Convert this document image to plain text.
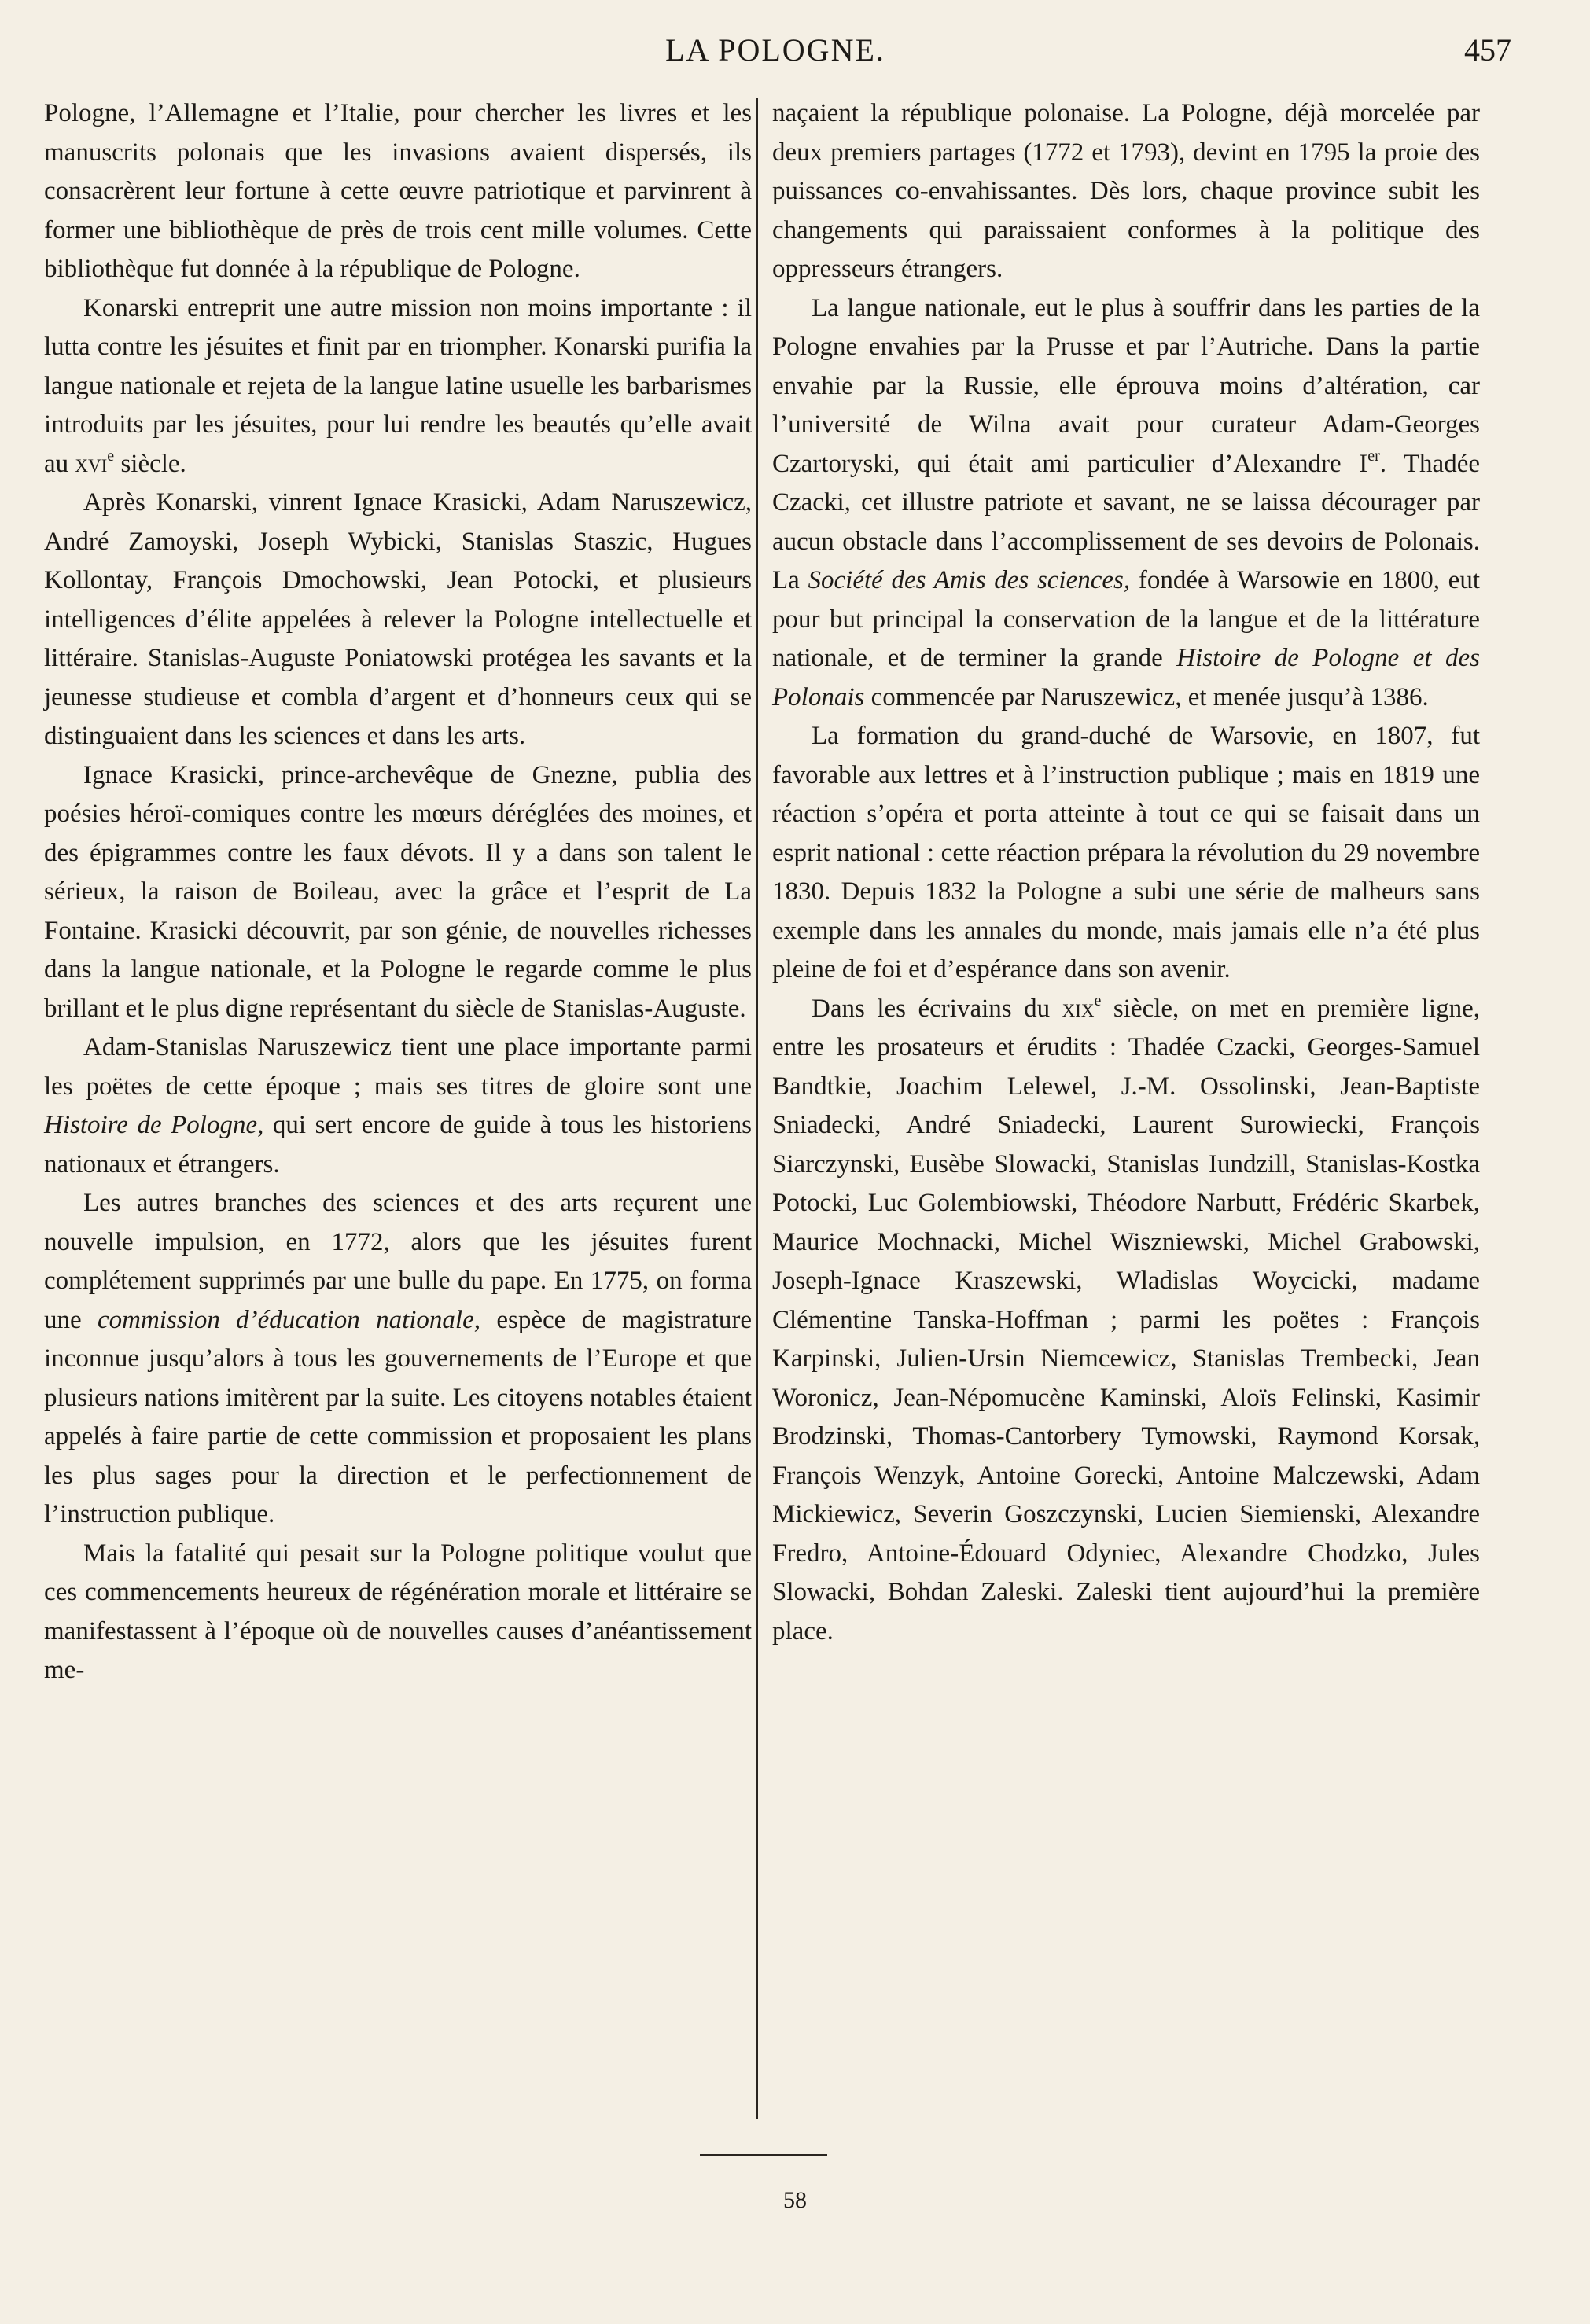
LA POLOGNE.	457

Pologne, l’Allemagne et l’Italie, pour chercher les livres et les manuscrits polonais que les invasions avaient dispersés, ils consacrèrent leur fortune à cette œuvre patriotique et parvinrent à former une bibliothèque de près de trois cent mille volumes. Cette bibliothèque fut donnée à la république de Pologne.

Konarski entreprit une autre mission non moins importante : il lutta contre les jésuites et finit par en triompher. Konarski purifia la langue nationale et rejeta de la langue latine usuelle les barbarismes introduits par les jésuites, pour lui rendre les beautés qu’elle avait au xvi$^e$ siècle.

Après Konarski, vinrent Ignace Krasicki, Adam Naruszewicz, André Zamoyski, Joseph Wybicki, Stanislas Staszic, Hugues Kollontay, François Dmochowski, Jean Potocki, et plusieurs intelligences d’élite appelées à relever la Pologne intellectuelle et littéraire. Stanislas-Auguste Poniatowski protégea les savants et la jeunesse studieuse et combla d’argent et d’honneurs ceux qui se distinguaient dans les sciences et dans les arts.

Ignace Krasicki, prince-archevêque de Gnezne, publia des poésies héroï-comiques contre les mœurs déréglées des moines, et des épigrammes contre les faux dévots. Il y a dans son talent le sérieux, la raison de Boileau, avec la grâce et l’esprit de La Fontaine. Krasicki découvrit, par son génie, de nouvelles richesses dans la langue nationale, et la Pologne le regarde comme le plus brillant et le plus digne représentant du siècle de Stanislas-Auguste.

Adam-Stanislas Naruszewicz tient une place importante parmi les poëtes de cette époque ; mais ses titres de gloire sont une Histoire de Pologne, qui sert encore de guide à tous les historiens nationaux et étrangers.

Les autres branches des sciences et des arts reçurent une nouvelle impulsion, en 1772, alors que les jésuites furent complétement supprimés par une bulle du pape. En 1775, on forma une commission d’éducation nationale, espèce de magistrature inconnue jusqu’alors à tous les gouvernements de l’Europe et que plusieurs nations imitèrent par la suite. Les citoyens notables étaient appelés à faire partie de cette commission et proposaient les plans les plus sages pour la direction et le perfectionnement de l’instruction publique.

Mais la fatalité qui pesait sur la Pologne politique voulut que ces commencements heureux de régénération morale et littéraire se manifestassent à l’époque où de nouvelles causes d’anéantissement me-

naçaient la république polonaise. La Pologne, déjà morcelée par deux premiers partages (1772 et 1793), devint en 1795 la proie des puissances co-envahissantes. Dès lors, chaque province subit les changements qui paraissaient conformes à la politique des oppresseurs étrangers.

La langue nationale, eut le plus à souffrir dans les parties de la Pologne envahies par la Prusse et par l’Autriche. Dans la partie envahie par la Russie, elle éprouva moins d’altération, car l’université de Wilna avait pour curateur Adam-Georges Czartoryski, qui était ami particulier d’Alexandre Ier. Thadée Czacki, cet illustre patriote et savant, ne se laissa décourager par aucun obstacle dans l’accomplissement de ses devoirs de Polonais. La Société des Amis des sciences, fondée à Warsowie en 1800, eut pour but principal la conservation de la langue et de la littérature nationale, et de terminer la grande Histoire de Pologne et des Polonais commencée par Naruszewicz, et menée jusqu’à 1386.

La formation du grand-duché de Warsovie, en 1807, fut favorable aux lettres et à l’instruction publique ; mais en 1819 une réaction s’opéra et porta atteinte à tout ce qui se faisait dans un esprit national : cette réaction prépara la révolution du 29 novembre 1830. Depuis 1832 la Pologne a subi une série de malheurs sans exemple dans les annales du monde, mais jamais elle n’a été plus pleine de foi et d’espérance dans son avenir.

Dans les écrivains du xix$^e$ siècle, on met en première ligne, entre les prosateurs et érudits : Thadée Czacki, Georges-Samuel Bandtkie, Joachim Lelewel, J.-M. Ossolinski, Jean-Baptiste Sniadecki, André Sniadecki, Laurent Surowiecki, François Siarczynski, Eusèbe Slowacki, Stanislas Iundzill, Stanislas-Kostka Potocki, Luc Golembiowski, Théodore Narbutt, Frédéric Skarbek, Maurice Mochnacki, Michel Wiszniewski, Michel Grabowski, Joseph-Ignace Kraszewski, Wladislas Woycicki, madame Clémentine Tanska-Hoffman ; parmi les poëtes : François Karpinski, Julien-Ursin Niemcewicz, Stanislas Trembecki, Jean Woronicz, Jean-Népomucène Kaminski, Aloïs Felinski, Kasimir Brodzinski, Thomas-Cantorbery Tymowski, Raymond Korsak, François Wenzyk, Antoine Gorecki, Antoine Malczewski, Adam Mickiewicz, Severin Goszczynski, Lucien Siemienski, Alexandre Fredro, Antoine-Édouard Odyniec, Alexandre Chodzko, Jules Slowacki, Bohdan Zaleski. Zaleski tient aujourd’hui la première place.

58
